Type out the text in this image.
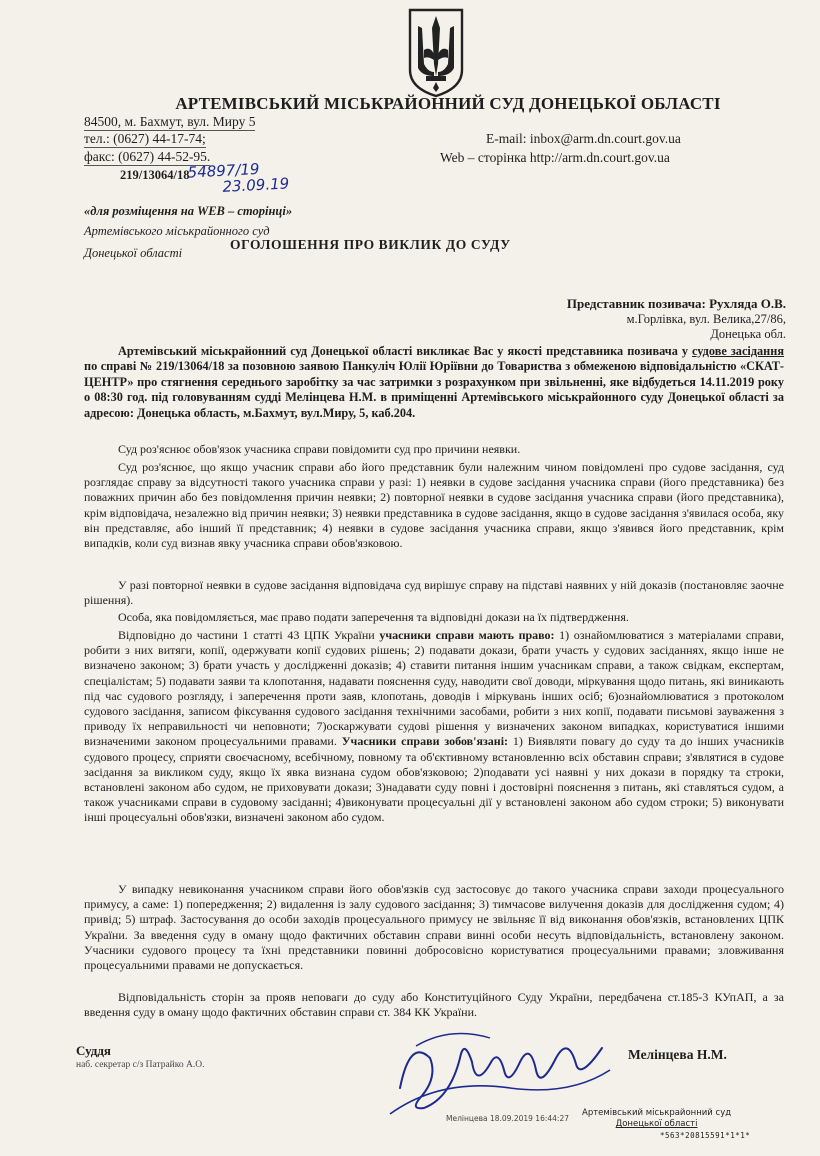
АРТЕМІВСЬКИЙ МІСЬКРАЙОННИЙ СУД ДОНЕЦЬКОЇ ОБЛАСТІ
84500, м. Бахмут, вул. Миру 5
тел.: (0627) 44-17-74;
факс: (0627) 44-52-95.
E-mail: inbox@arm.dn.court.gov.ua
Web – сторінка http://arm.dn.court.gov.ua
219/13064/18
54897/19
23.09.19
«для розміщення на WEB – сторінці»
Артемівського міськрайонного суд
Донецької області
ОГОЛОШЕННЯ ПРО ВИКЛИК ДО СУДУ
Представник позивача: Рухляда О.В.
м.Горлівка, вул. Велика,27/86,
Донецька обл.
Артемівський міськрайонний суд Донецької області викликає Вас у якості представника позивача у судове засідання по справі № 219/13064/18 за позовною заявою Панкуліч Юлії Юріївни до Товариства з обмеженою відповідальністю «СКАТ-ЦЕНТР» про стягнення середнього заробітку за час затримки з розрахунком при звільненні, яке відбудеться 14.11.2019 року о 08:30 год. під головуванням судді Мелінцева Н.М. в приміщенні Артемівського міськрайонного суду Донецької області за адресою: Донецька область, м.Бахмут, вул.Миру, 5, каб.204.
Суд роз'яснює обов'язок учасника справи повідомити суд про причини неявки.
Суд роз'яснює, що якщо учасник справи або його представник були належним чином повідомлені про судове засідання, суд розглядає справу за відсутності такого учасника справи у разі: 1) неявки в судове засідання учасника справи (його представника) без поважних причин або без повідомлення причин неявки; 2) повторної неявки в судове засідання учасника справи (його представника), крім відповідача, незалежно від причин неявки; 3) неявки представника в судове засідання, якщо в судове засідання з'явилася особа, яку він представляє, або інший її представник; 4) неявки в судове засідання учасника справи, якщо з'явився його представник, крім випадків, коли суд визнав явку учасника справи обов'язковою.
У разі повторної неявки в судове засідання відповідача суд вирішує справу на підставі наявних у ній доказів (постановляє заочне рішення).
Особа, яка повідомляється, має право подати заперечення та відповідні докази на їх підтвердження.
Відповідно до частини 1 статті 43 ЦПК України учасники справи мають право: 1) ознайомлюватися з матеріалами справи, робити з них витяги, копії, одержувати копії судових рішень; 2) подавати докази, брати участь у судових засіданнях, якщо інше не визначено законом; 3) брати участь у дослідженні доказів; 4) ставити питання іншим учасникам справи, а також свідкам, експертам, спеціалістам; 5) подавати заяви та клопотання, надавати пояснення суду, наводити свої доводи, міркування щодо питань, які виникають під час судового розгляду, і заперечення проти заяв, клопотань, доводів і міркувань інших осіб; 6)ознайомлюватися з протоколом судового засідання, записом фіксування судового засідання технічними засобами, робити з них копії, подавати письмові зауваження з приводу їх неправильності чи неповноти; 7)оскаржувати судові рішення у визначених законом випадках, користуватися іншими визначеними законом процесуальними правами. Учасники справи зобов'язані: 1) Виявляти повагу до суду та до інших учасників судового процесу, сприяти своєчасному, всебічному, повному та об'єктивному встановленню всіх обставин справи; з'являтися в судове засідання за викликом суду, якщо їх явка визнана судом обов'язковою; 2)подавати усі наявні у них докази в порядку та строки, встановлені законом або судом, не приховувати докази; 3)надавати суду повні і достовірні пояснення з питань, які ставляться судом, а також учасниками справи в судовому засіданні; 4)виконувати процесуальні дії у встановлені законом або судом строки; 5) виконувати інші процесуальні обов'язки, визначені законом або судом.
У випадку невиконання учасником справи його обов'язків суд застосовує до такого учасника справи заходи процесуального примусу, а саме: 1) попередження; 2) видалення із залу судового засідання; 3) тимчасове вилучення доказів для дослідження судом; 4) привід; 5) штраф. Застосування до особи заходів процесуального примусу не звільняє її від виконання обов'язків, встановлених ЦПК України. За введення суду в оману щодо фактичних обставин справи винні особи несуть відповідальність, встановлену законом. Учасники судового процесу та їхні представники повинні добросовісно користуватися процесуальними правами; зловживання процесуальними правами не допускається.
Відповідальність сторін за прояв неповаги до суду або Конституційного Суду України, передбачена ст.185-3 КУпАП, а за введення суду в оману щодо фактичних обставин справи ст. 384 КК України.
Суддя
наб. секретар с/з Патрайко А.О.
Мелінцева Н.М.
Артемівський міськрайонний суд
Донецької області
Мелінцева 18.09.2019 16:44:27
*563*20815591*1*1*
